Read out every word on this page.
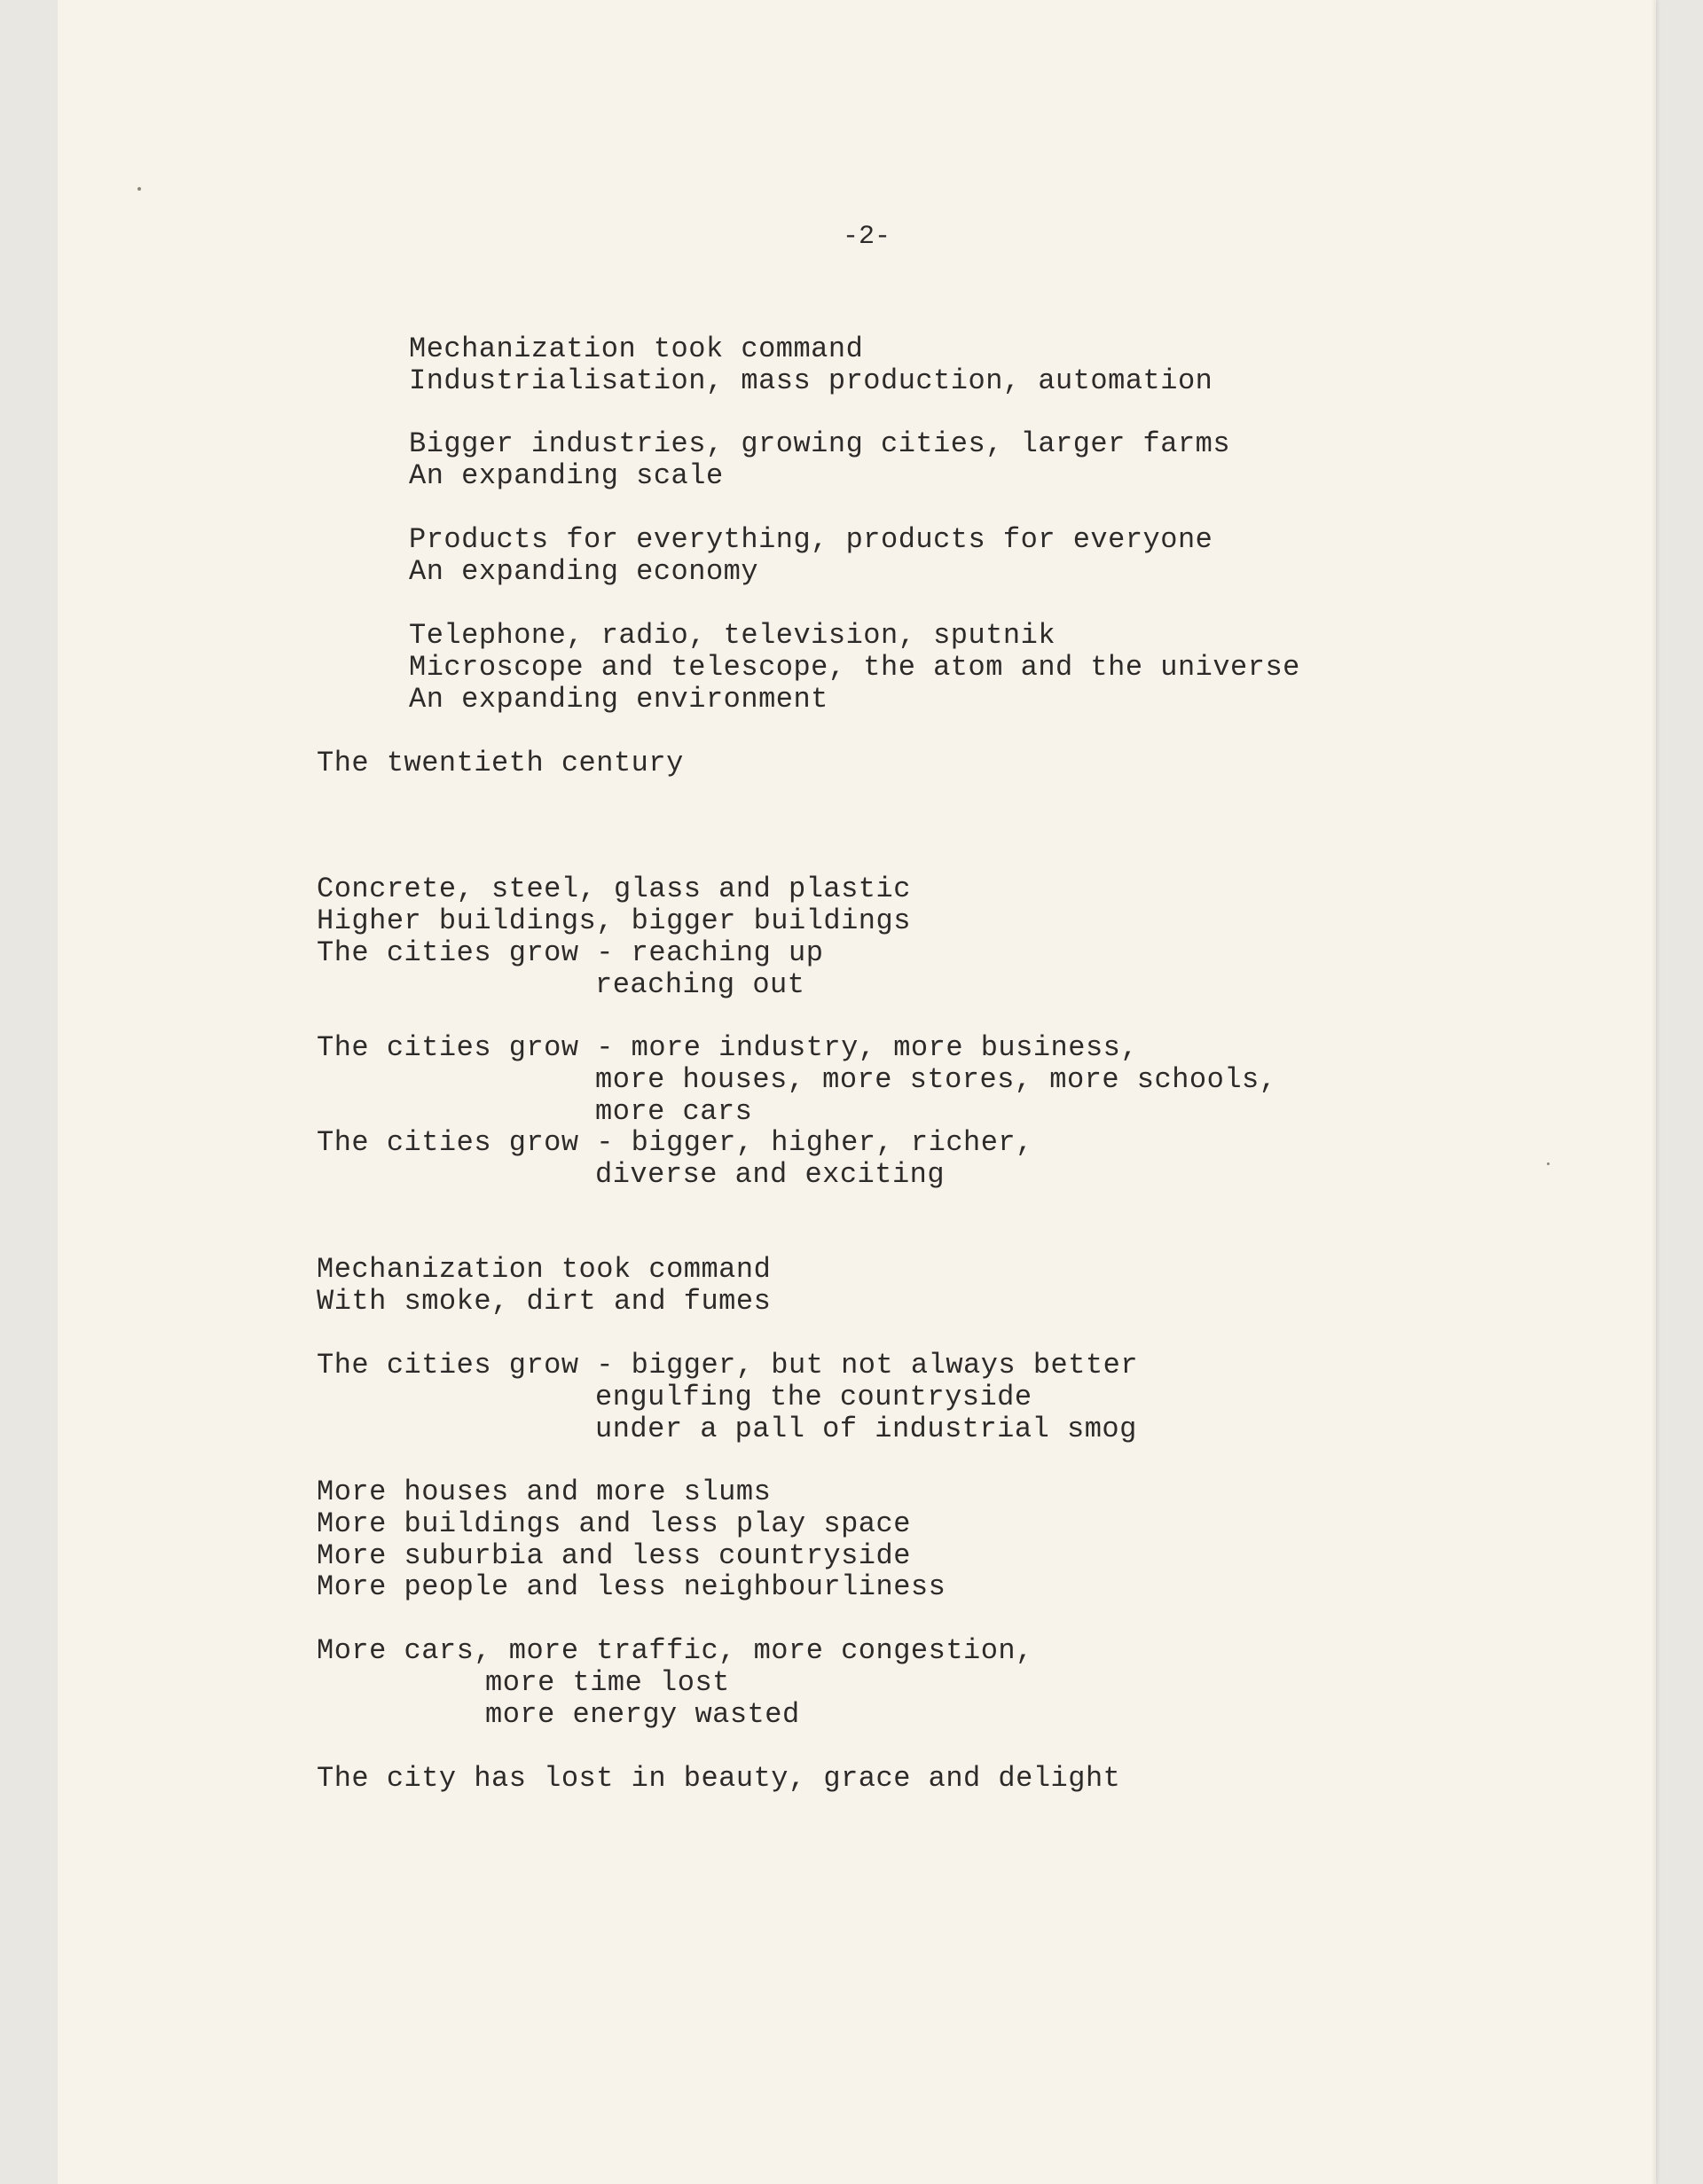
-2-

Mechanization took command

Industrialisation, mass production, automation

Bigger industries, growing cities, larger farms

An expanding scale

Products for everything, products for everyone

An expanding economy

Telephone, radio, television, sputnik

Microscope and telescope, the atom and the universe

An expanding environment

The twentieth century

Concrete, steel, glass and plastic

Higher buildings, bigger buildings

The cities grow - reaching up

reaching out

The cities grow - more industry, more business,

more houses, more stores, more schools,

more cars

The cities grow - bigger, higher, richer,

diverse and exciting

Mechanization took command

With smoke, dirt and fumes

The cities grow - bigger, but not always better

engulfing the countryside

under a pall of industrial smog

More houses and more slums

More buildings and less play space

More suburbia and less countryside

More people and less neighbourliness

More cars, more traffic, more congestion,

more time lost

more energy wasted

The city has lost in beauty, grace and delight
